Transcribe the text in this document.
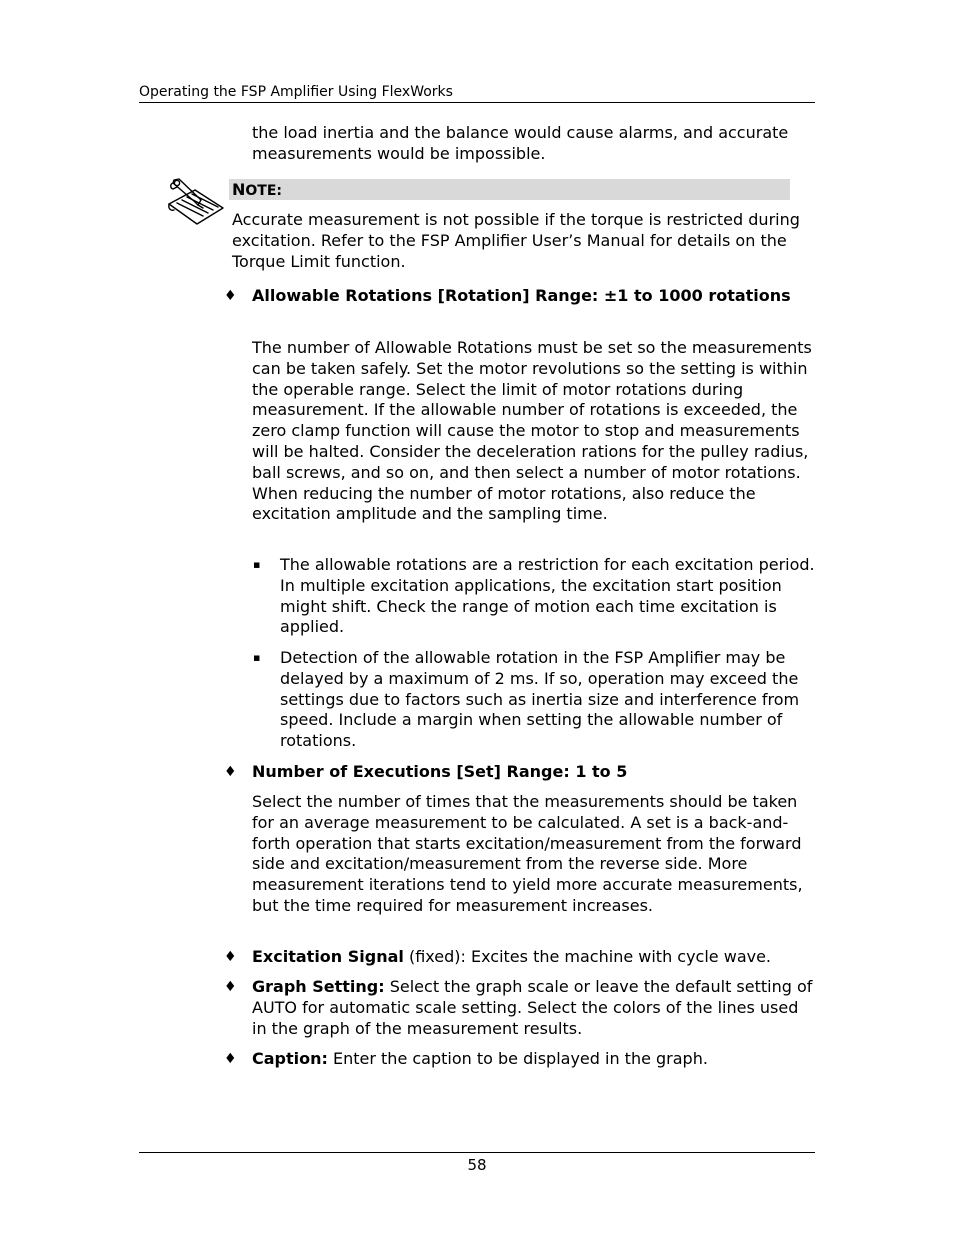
Operating the FSP Amplifier Using FlexWorks
the load inertia and the balance would cause alarms, and accurate measurements would be impossible.
NOTE:
Accurate measurement is not possible if the torque is restricted during excitation. Refer to the FSP Amplifier User’s Manual for details on the Torque Limit function.
♦ Allowable Rotations [Rotation] Range: ±1 to 1000 rotations
The number of Allowable Rotations must be set so the measurements can be taken safely. Set the motor revolutions so the setting is within the operable range. Select the limit of motor rotations during measurement. If the allowable number of rotations is exceeded, the zero clamp function will cause the motor to stop and measurements will be halted. Consider the deceleration rations for the pulley radius, ball screws, and so on, and then select a number of motor rotations. When reducing the number of motor rotations, also reduce the excitation amplitude and the sampling time.
▪ The allowable rotations are a restriction for each excitation period. In multiple excitation applications, the excitation start position might shift. Check the range of motion each time excitation is applied.
▪ Detection of the allowable rotation in the FSP Amplifier may be delayed by a maximum of 2 ms. If so, operation may exceed the settings due to factors such as inertia size and interference from speed. Include a margin when setting the allowable number of rotations.
♦ Number of Executions [Set] Range: 1 to 5
Select the number of times that the measurements should be taken for an average measurement to be calculated. A set is a back-and-forth operation that starts excitation/measurement from the forward side and excitation/measurement from the reverse side. More measurement iterations tend to yield more accurate measurements, but the time required for measurement increases.
♦ Excitation Signal (fixed): Excites the machine with cycle wave.
♦ Graph Setting: Select the graph scale or leave the default setting of AUTO for automatic scale setting. Select the colors of the lines used in the graph of the measurement results.
♦ Caption: Enter the caption to be displayed in the graph.
58
